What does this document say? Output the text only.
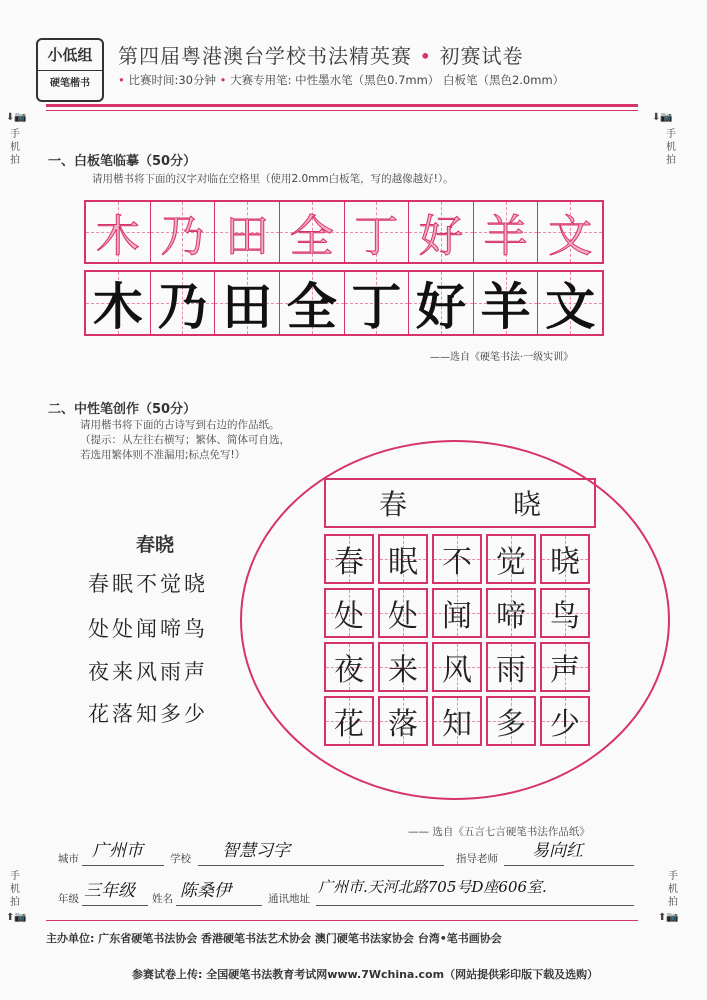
小低组
硬笔楷书
第四届粤港澳台学校书法精英赛 • 初赛试卷
• 比赛时间:30分钟 • 大赛专用笔: 中性墨水笔（黑色0.7mm） 白板笔（黑色2.0mm）
⬇📷
手机拍
⬇📷
手机拍
手机拍
⬆📷
手机拍
⬆📷
一、白板笔临摹（50分）
请用楷书将下面的汉字对临在空格里（使用2.0mm白板笔，写的越像越好!）。
木 乃 田 全 丁 好 羊 文
木 乃 田 全 丁 好 羊 文
——选自《硬笔书法·一级实训》
二、中性笔创作（50分）
请用楷书将下面的古诗写到右边的作品纸。
（提示：从左往右横写；繁体、简体可自选，
若选用繁体则不准漏用;标点免写!）
春晓
春眠不觉晓
处处闻啼鸟
夜来风雨声
花落知多少
春	晓
春 眠 不 觉 晓
处 处 闻 啼 鸟
夜 来 风 雨 声
花 落 知 多 少
—— 选自《五言七言硬笔书法作品纸》
城市 广州市	学校 智慧习字	指导老师 易向红
年级 三年级 姓名 陈桑伊	通讯地址
广州市.天河北路705号D座606室.
主办单位: 广东省硬笔书法协会 香港硬笔书法艺术协会 澳门硬笔书法家协会 台湾•笔书画协会
参赛试卷上传: 全国硬笔书法教育考试网www.7Wchina.com（网站提供彩印版下载及选购）
